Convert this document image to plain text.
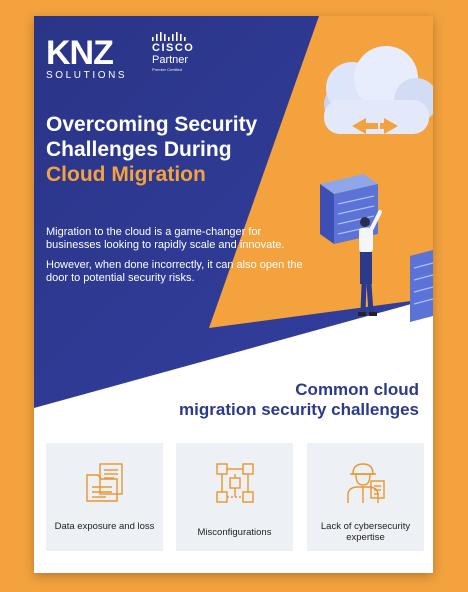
KNZ
SOLUTIONS
CISCO
Partner
Premier Certified
Overcoming Security
Challenges During
Cloud Migration

Migration to the cloud is a game-changer for businesses looking to rapidly scale and innovate.

However, when done incorrectly, it can also open the door to potential security risks.

Common cloud
migration security challenges
Data exposure and loss
Misconfigurations
Lack of cybersecurity expertise
